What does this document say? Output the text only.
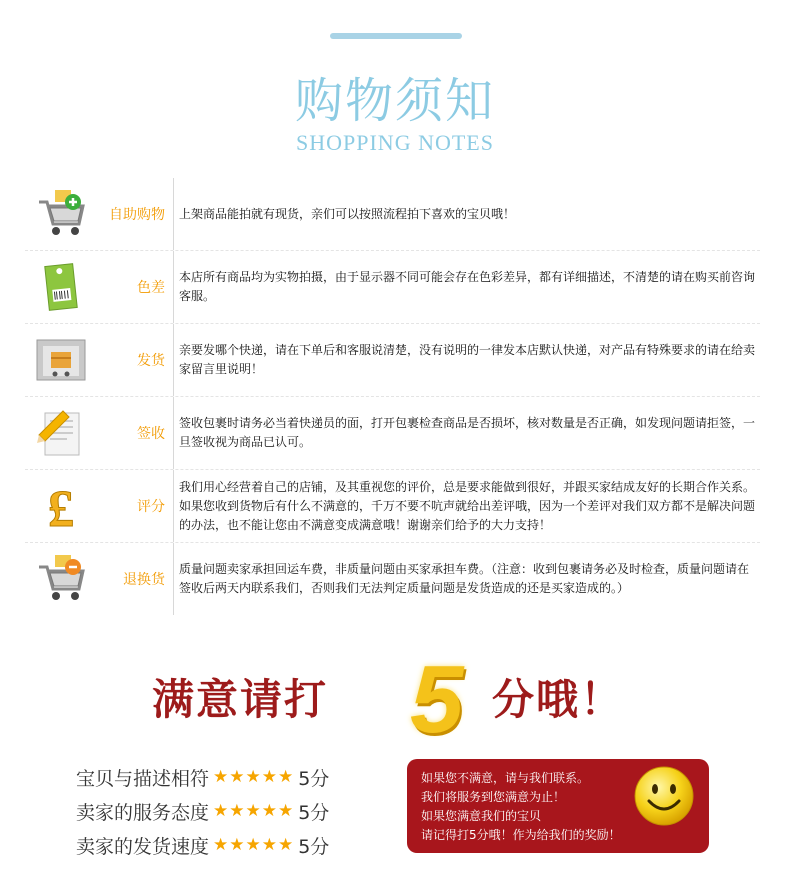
购物须知
SHOPPING NOTES
自助购物 上架商品能拍就有现货，亲们可以按照流程拍下喜欢的宝贝哦！
色差
本店所有商品均为实物拍摄，由于显示器不同可能会存在色彩差异，都有详细描述，不清楚的请在购买前咨询客服。
发货
亲要发哪个快递，请在下单后和客服说清楚，没有说明的一律发本店默认快递，对产品有特殊要求的请在给卖家留言里说明！
签收
签收包裹时请务必当着快递员的面，打开包裹检查商品是否损坏，核对数量是否正确，如发现问题请拒签，一旦签收视为商品已认可。
£	评分
我们用心经营着自己的店铺，及其重视您的评价，总是要求能做到很好，并跟买家结成友好的长期合作关系。如果您收到货物后有什么不满意的，千万不要不吭声就给出差评哦，因为一个差评对我们双方都不是解决问题的办法，也不能让您由不满意变成满意哦！谢谢亲们给予的大力支持！
退换货
质量问题卖家承担回运车费，非质量问题由买家承担车费。（注意：收到包裹请务必及时检查，质量问题请在签收后两天内联系我们，否则我们无法判定质量问题是发货造成的还是买家造成的。）
满意请打 5 分哦！
宝贝与描述相符 ★★★★★ 5分
卖家的服务态度 ★★★★★ 5分
卖家的发货速度 ★★★★★ 5分
如果您不满意，请与我们联系。
我们将服务到您满意为止！
如果您满意我们的宝贝
请记得打5分哦！作为给我们的奖励！
